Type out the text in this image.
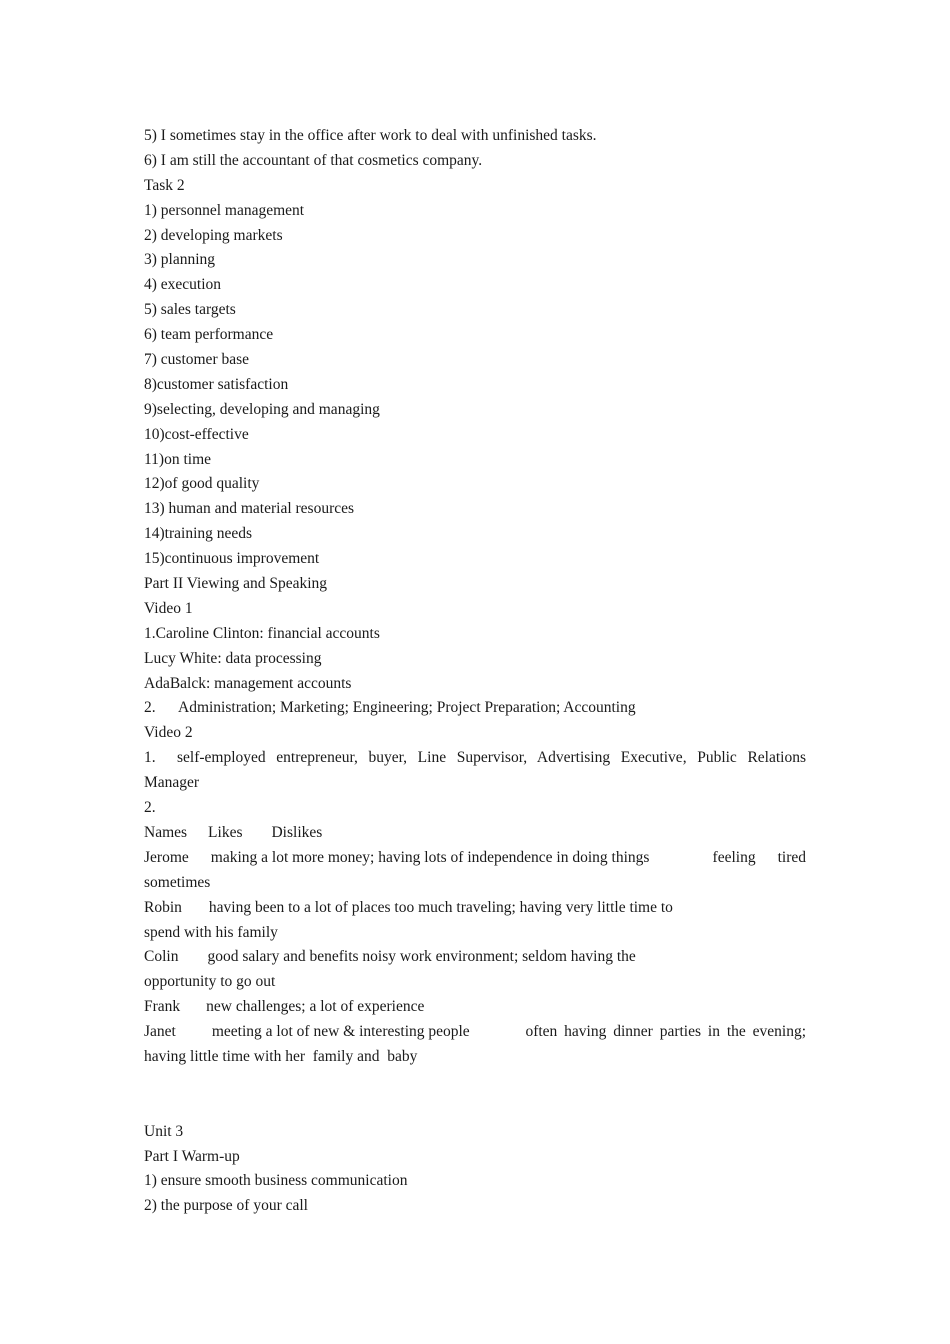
5) I sometimes stay in the office after work to deal with unfinished tasks.
6) I am still the accountant of that cosmetics company.
Task 2
1) personnel management
2) developing markets
3) planning
4) execution
5) sales targets
6) team performance
7) customer base
8)customer satisfaction
9)selecting, developing and managing
10)cost-effective
11)on time
12)of good quality
13) human and material resources
14)training needs
15)continuous improvement
Part II Viewing and Speaking
Video 1
1.Caroline Clinton: financial accounts
Lucy White: data processing
AdaBalck: management accounts
2. Administration; Marketing; Engineering; Project Preparation; Accounting
Video 2
1. self-employed entrepreneur, buyer, Line Supervisor, Advertising Executive, Public Relations
Manager
2.
Names Likes Dislikes
Jerome making a lot more money; having lots of independence in doing things	feeling tired
sometimes
Robin having been to a lot of places too much traveling; having very little time to
spend with his family
Colin good salary and benefits noisy work environment; seldom having the
opportunity to go out
Frank new challenges; a lot of experience
Janet meeting a lot of new & interesting people	often having dinner parties in the evening;
having little time with her  family and  baby
Unit 3
Part I Warm-up
1) ensure smooth business communication
2) the purpose of your call
